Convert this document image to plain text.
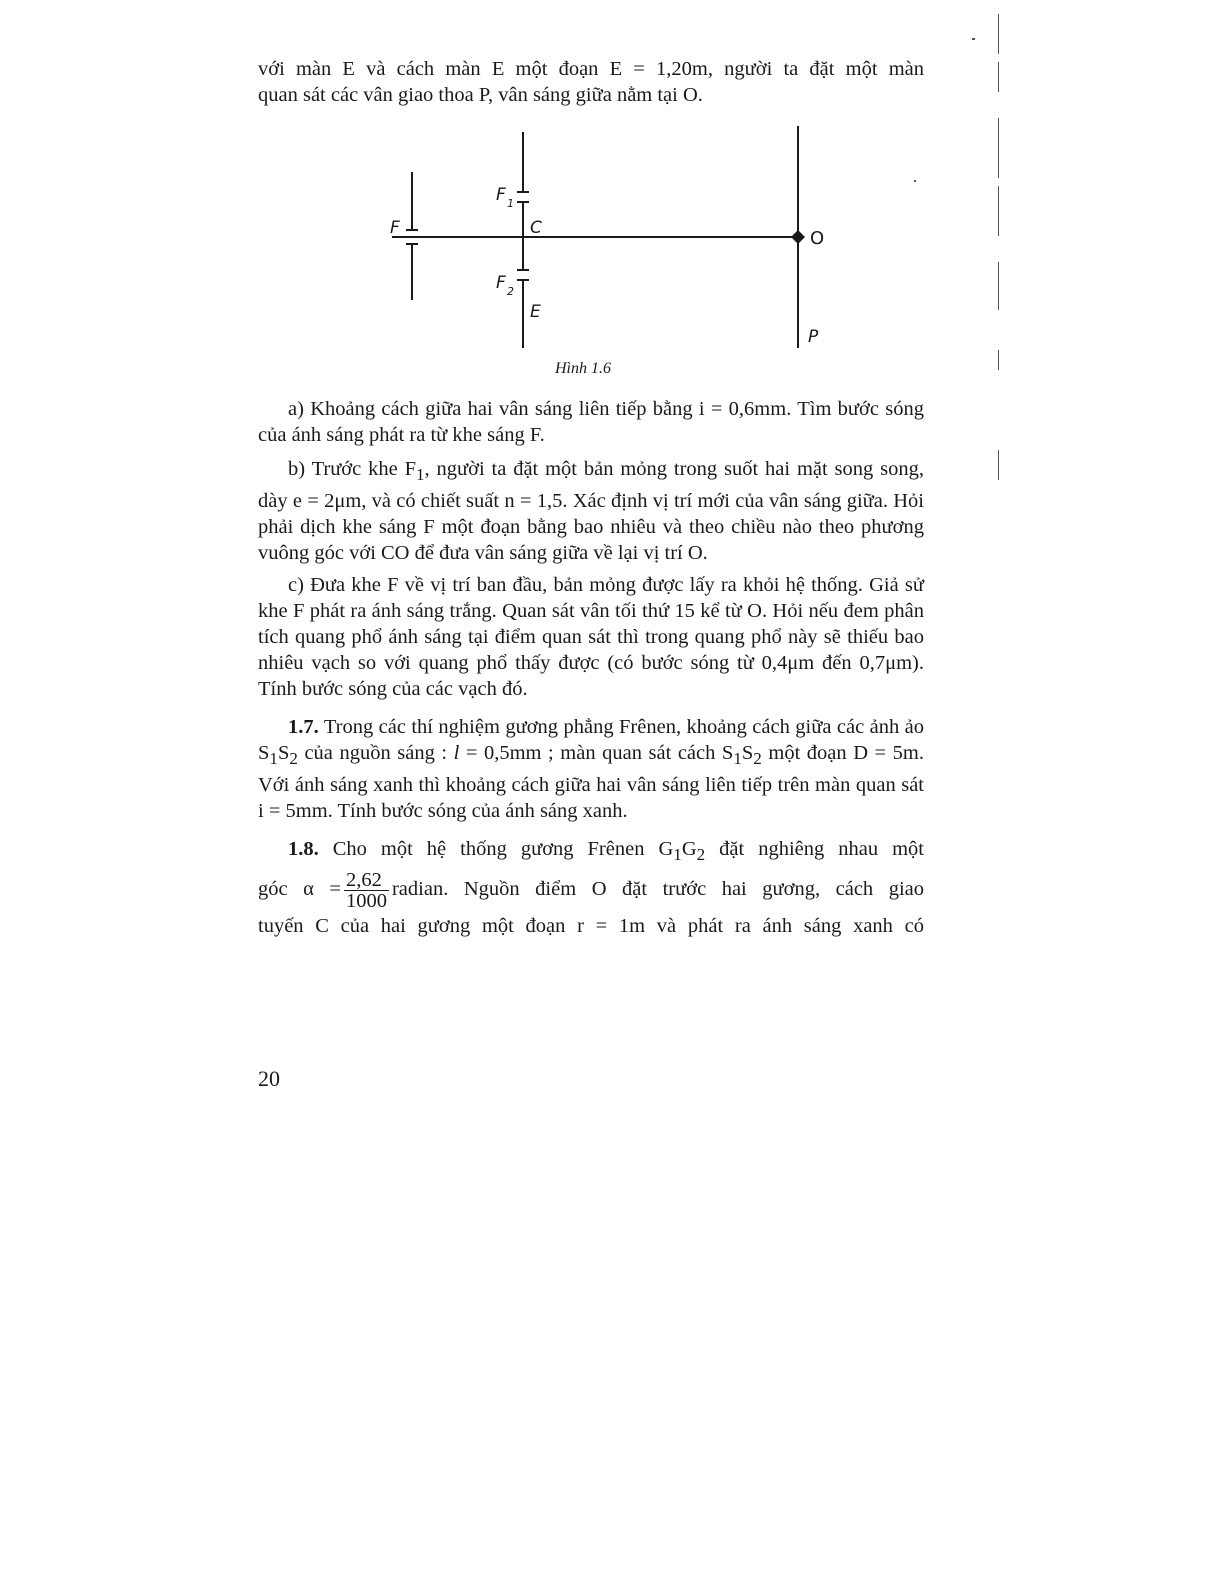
với màn E và cách màn E một đoạn E = 1,20m, người ta đặt một màn

quan sát các vân giao thoa P, vân sáng giữa nằm tại O.

F
F 1
C
F 2
E
O
P
Hình 1.6

a) Khoảng cách giữa hai vân sáng liên tiếp bằng i = 0,6mm. Tìm bước sóng của ánh sáng phát ra từ khe sáng F.

b) Trước khe $F_1$, người ta đặt một bản mỏng trong suốt hai mặt song song, dày e = 2μm, và có chiết suất n = 1,5. Xác định vị trí mới của vân sáng giữa. Hỏi phải dịch khe sáng F một đoạn bằng bao nhiêu và theo chiều nào theo phương vuông góc với CO để đưa vân sáng giữa về lại vị trí O.

c) Đưa khe F về vị trí ban đầu, bản mỏng được lấy ra khỏi hệ thống. Giả sử khe F phát ra ánh sáng trắng. Quan sát vân tối thứ 15 kể từ O. Hỏi nếu đem phân tích quang phổ ánh sáng tại điểm quan sát thì trong quang phổ này sẽ thiếu bao nhiêu vạch so với quang phổ thấy được (có bước sóng từ 0,4μm đến 0,7μm). Tính bước sóng của các vạch đó.

1.7. Trong các thí nghiệm gương phẳng Frênen, khoảng cách giữa các ảnh ảo $S_1S_2$ của nguồn sáng : l = 0,5mm ; màn quan sát cách $S_1S_2$ một đoạn D = 5m. Với ánh sáng xanh thì khoảng cách giữa hai vân sáng liên tiếp trên màn quan sát i = 5mm. Tính bước sóng của ánh sáng xanh.

1.8. Cho một hệ thống gương Frênen $G_1G_2$ đặt nghiêng nhau một

góc $\alpha = \frac{2,62}{1000}$ radian. Nguồn điểm O đặt trước hai gương, cách giao

tuyến C của hai gương một đoạn r = 1m và phát ra ánh sáng xanh có

20
